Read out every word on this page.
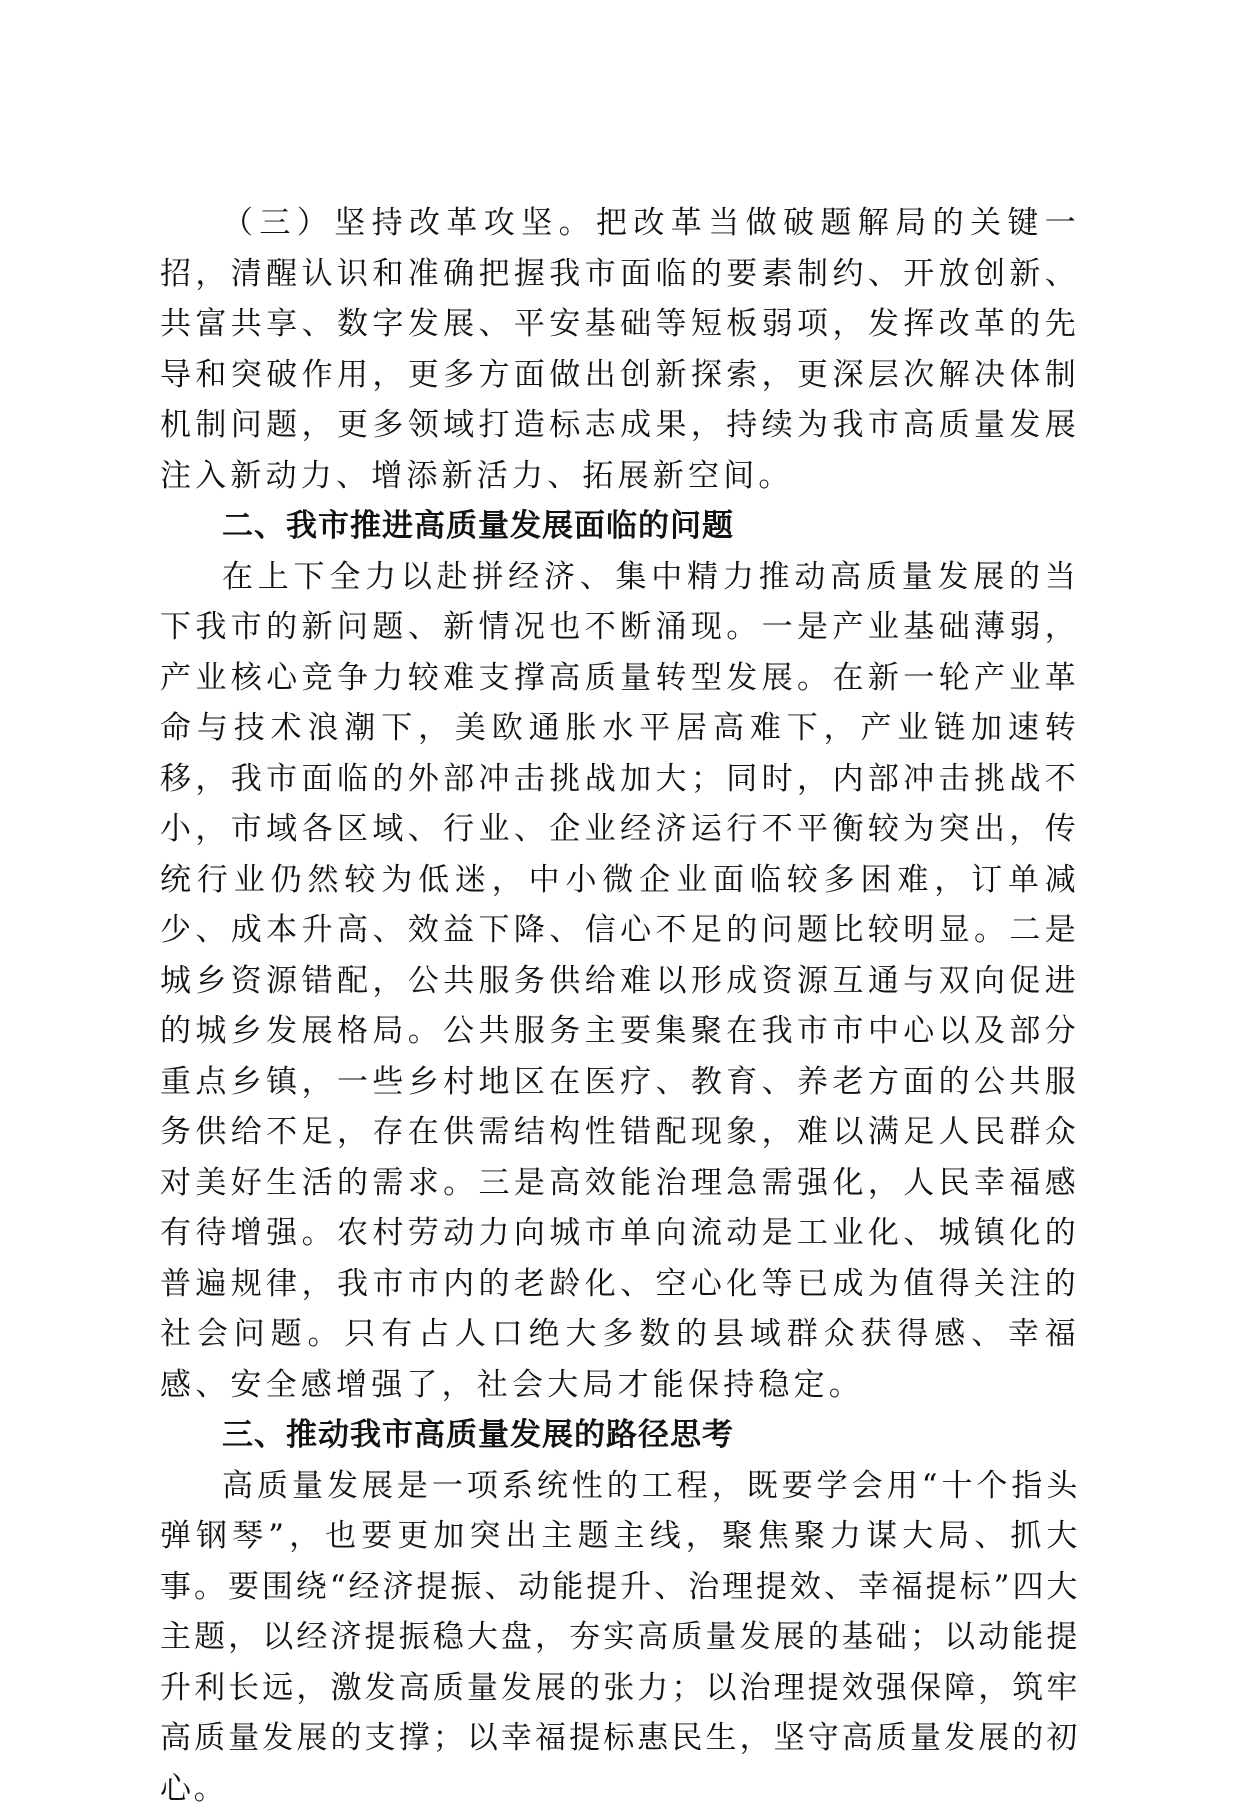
（三）坚持改革攻坚。把改革当做破题解局的关键一招，清醒认识和准确把握我市面临的要素制约、开放创新、共富共享、数字发展、平安基础等短板弱项，发挥改革的先导和突破作用，更多方面做出创新探索，更深层次解决体制机制问题，更多领域打造标志成果，持续为我市高质量发展注入新动力、增添新活力、拓展新空间。

二、我市推进高质量发展面临的问题

在上下全力以赴拼经济、集中精力推动高质量发展的当下我市的新问题、新情况也不断涌现。一是产业基础薄弱，产业核心竞争力较难支撑高质量转型发展。在新一轮产业革命与技术浪潮下，美欧通胀水平居高难下，产业链加速转移，我市面临的外部冲击挑战加大；同时，内部冲击挑战不小，市域各区域、行业、企业经济运行不平衡较为突出，传统行业仍然较为低迷，中小微企业面临较多困难，订单减少、成本升高、效益下降、信心不足的问题比较明显。二是城乡资源错配，公共服务供给难以形成资源互通与双向促进的城乡发展格局。公共服务主要集聚在我市市中心以及部分重点乡镇，一些乡村地区在医疗、教育、养老方面的公共服务供给不足，存在供需结构性错配现象，难以满足人民群众对美好生活的需求。三是高效能治理急需强化，人民幸福感有待增强。农村劳动力向城市单向流动是工业化、城镇化的普遍规律，我市市内的老龄化、空心化等已成为值得关注的社会问题。只有占人口绝大多数的县域群众获得感、幸福感、安全感增强了，社会大局才能保持稳定。

三、推动我市高质量发展的路径思考

高质量发展是一项系统性的工程，既要学会用“十个指头弹钢琴”，也要更加突出主题主线，聚焦聚力谋大局、抓大事。要围绕“经济提振、动能提升、治理提效、幸福提标”四大主题，以经济提振稳大盘，夯实高质量发展的基础；以动能提升利长远，激发高质量发展的张力；以治理提效强保障，筑牢高质量发展的支撑；以幸福提标惠民生，坚守高质量发展的初心。
